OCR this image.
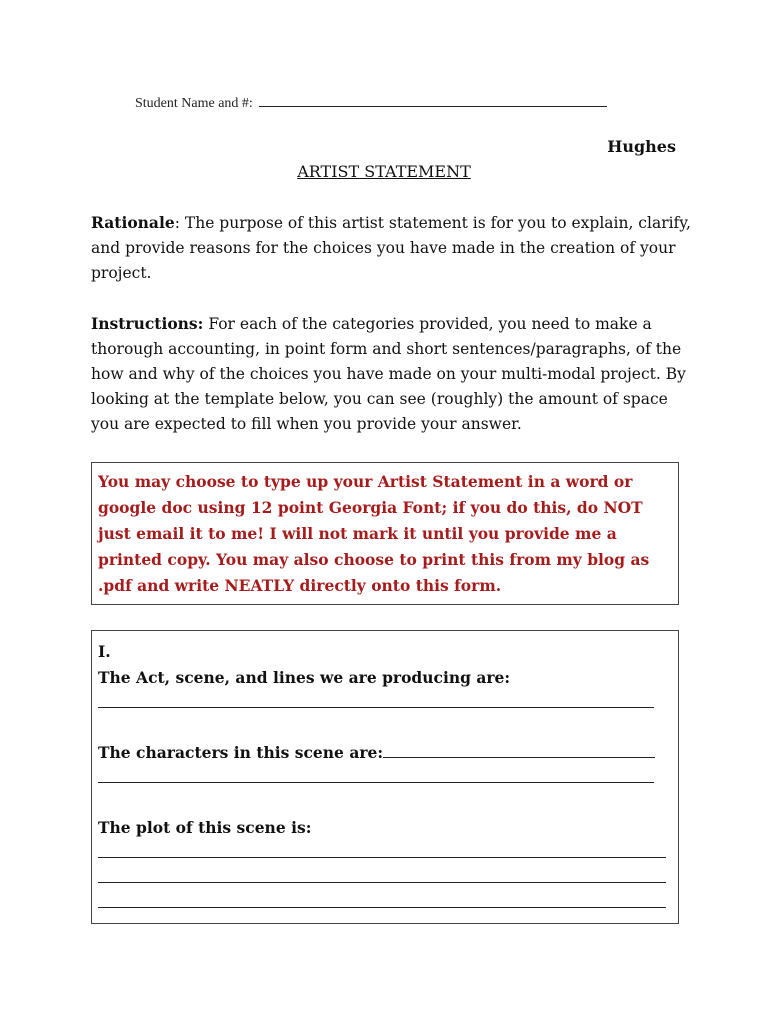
Student Name and #:
Hughes
ARTIST STATEMENT
Rationale: The purpose of this artist statement is for you to explain, clarify, and provide reasons for the choices you have made in the creation of your project.
Instructions: For each of the categories provided, you need to make a thorough accounting, in point form and short sentences/paragraphs, of the how and why of the choices you have made on your multi-modal project. By looking at the template below, you can see (roughly) the amount of space you are expected to fill when you provide your answer.
You may choose to type up your Artist Statement in a word or google doc using 12 point Georgia Font; if you do this, do NOT just email it to me! I will not mark it until you provide me a printed copy. You may also choose to print this from my blog as .pdf and write NEATLY directly onto this form.
I.
The Act, scene, and lines we are producing are:
The characters in this scene are:
The plot of this scene is:
